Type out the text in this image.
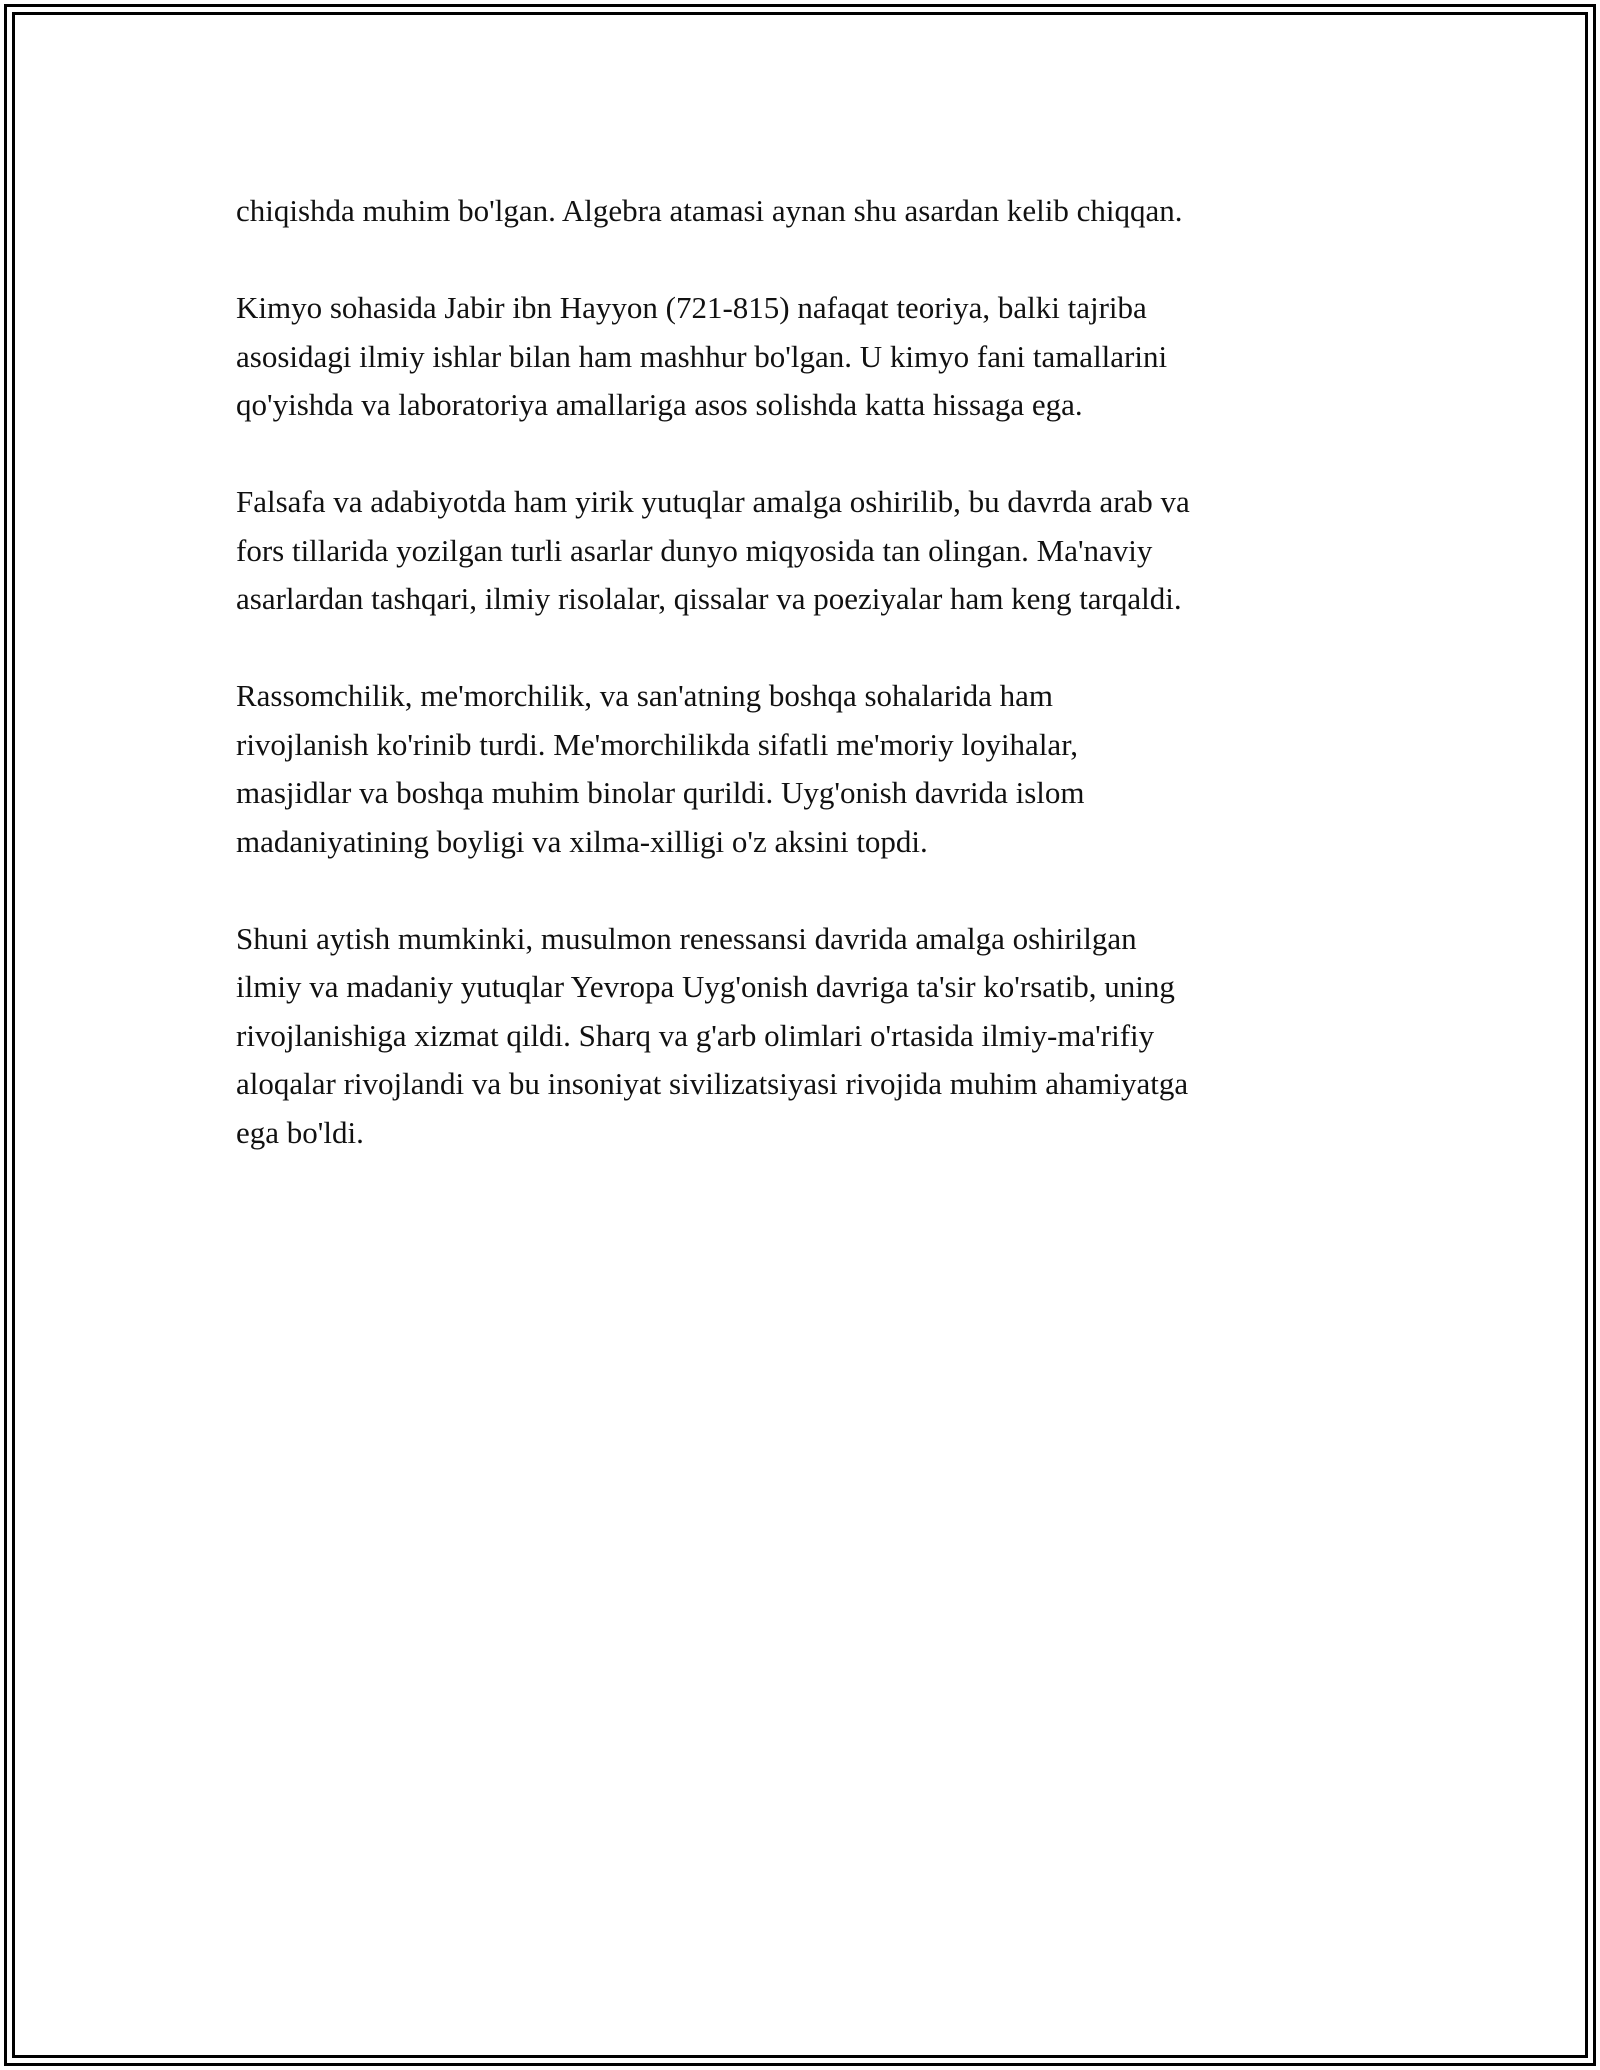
chiqishda muhim bo'lgan. Algebra atamasi aynan shu asardan kelib chiqqan.

Kimyo sohasida Jabir ibn Hayyon (721-815) nafaqat teoriya, balki tajriba
asosidagi ilmiy ishlar bilan ham mashhur bo'lgan. U kimyo fani tamallarini
qo'yishda va laboratoriya amallariga asos solishda katta hissaga ega.

Falsafa va adabiyotda ham yirik yutuqlar amalga oshirilib, bu davrda arab va
fors tillarida yozilgan turli asarlar dunyo miqyosida tan olingan. Ma'naviy
asarlardan tashqari, ilmiy risolalar, qissalar va poeziyalar ham keng tarqaldi.

Rassomchilik, me'morchilik, va san'atning boshqa sohalarida ham
rivojlanish ko'rinib turdi. Me'morchilikda sifatli me'moriy loyihalar,
masjidlar va boshqa muhim binolar qurildi. Uyg'onish davrida islom
madaniyatining boyligi va xilma-xilligi o'z aksini topdi.

Shuni aytish mumkinki, musulmon renessansi davrida amalga oshirilgan
ilmiy va madaniy yutuqlar Yevropa Uyg'onish davriga ta'sir ko'rsatib, uning
rivojlanishiga xizmat qildi. Sharq va g'arb olimlari o'rtasida ilmiy-ma'rifiy
aloqalar rivojlandi va bu insoniyat sivilizatsiyasi rivojida muhim ahamiyatga
ega bo'ldi.
